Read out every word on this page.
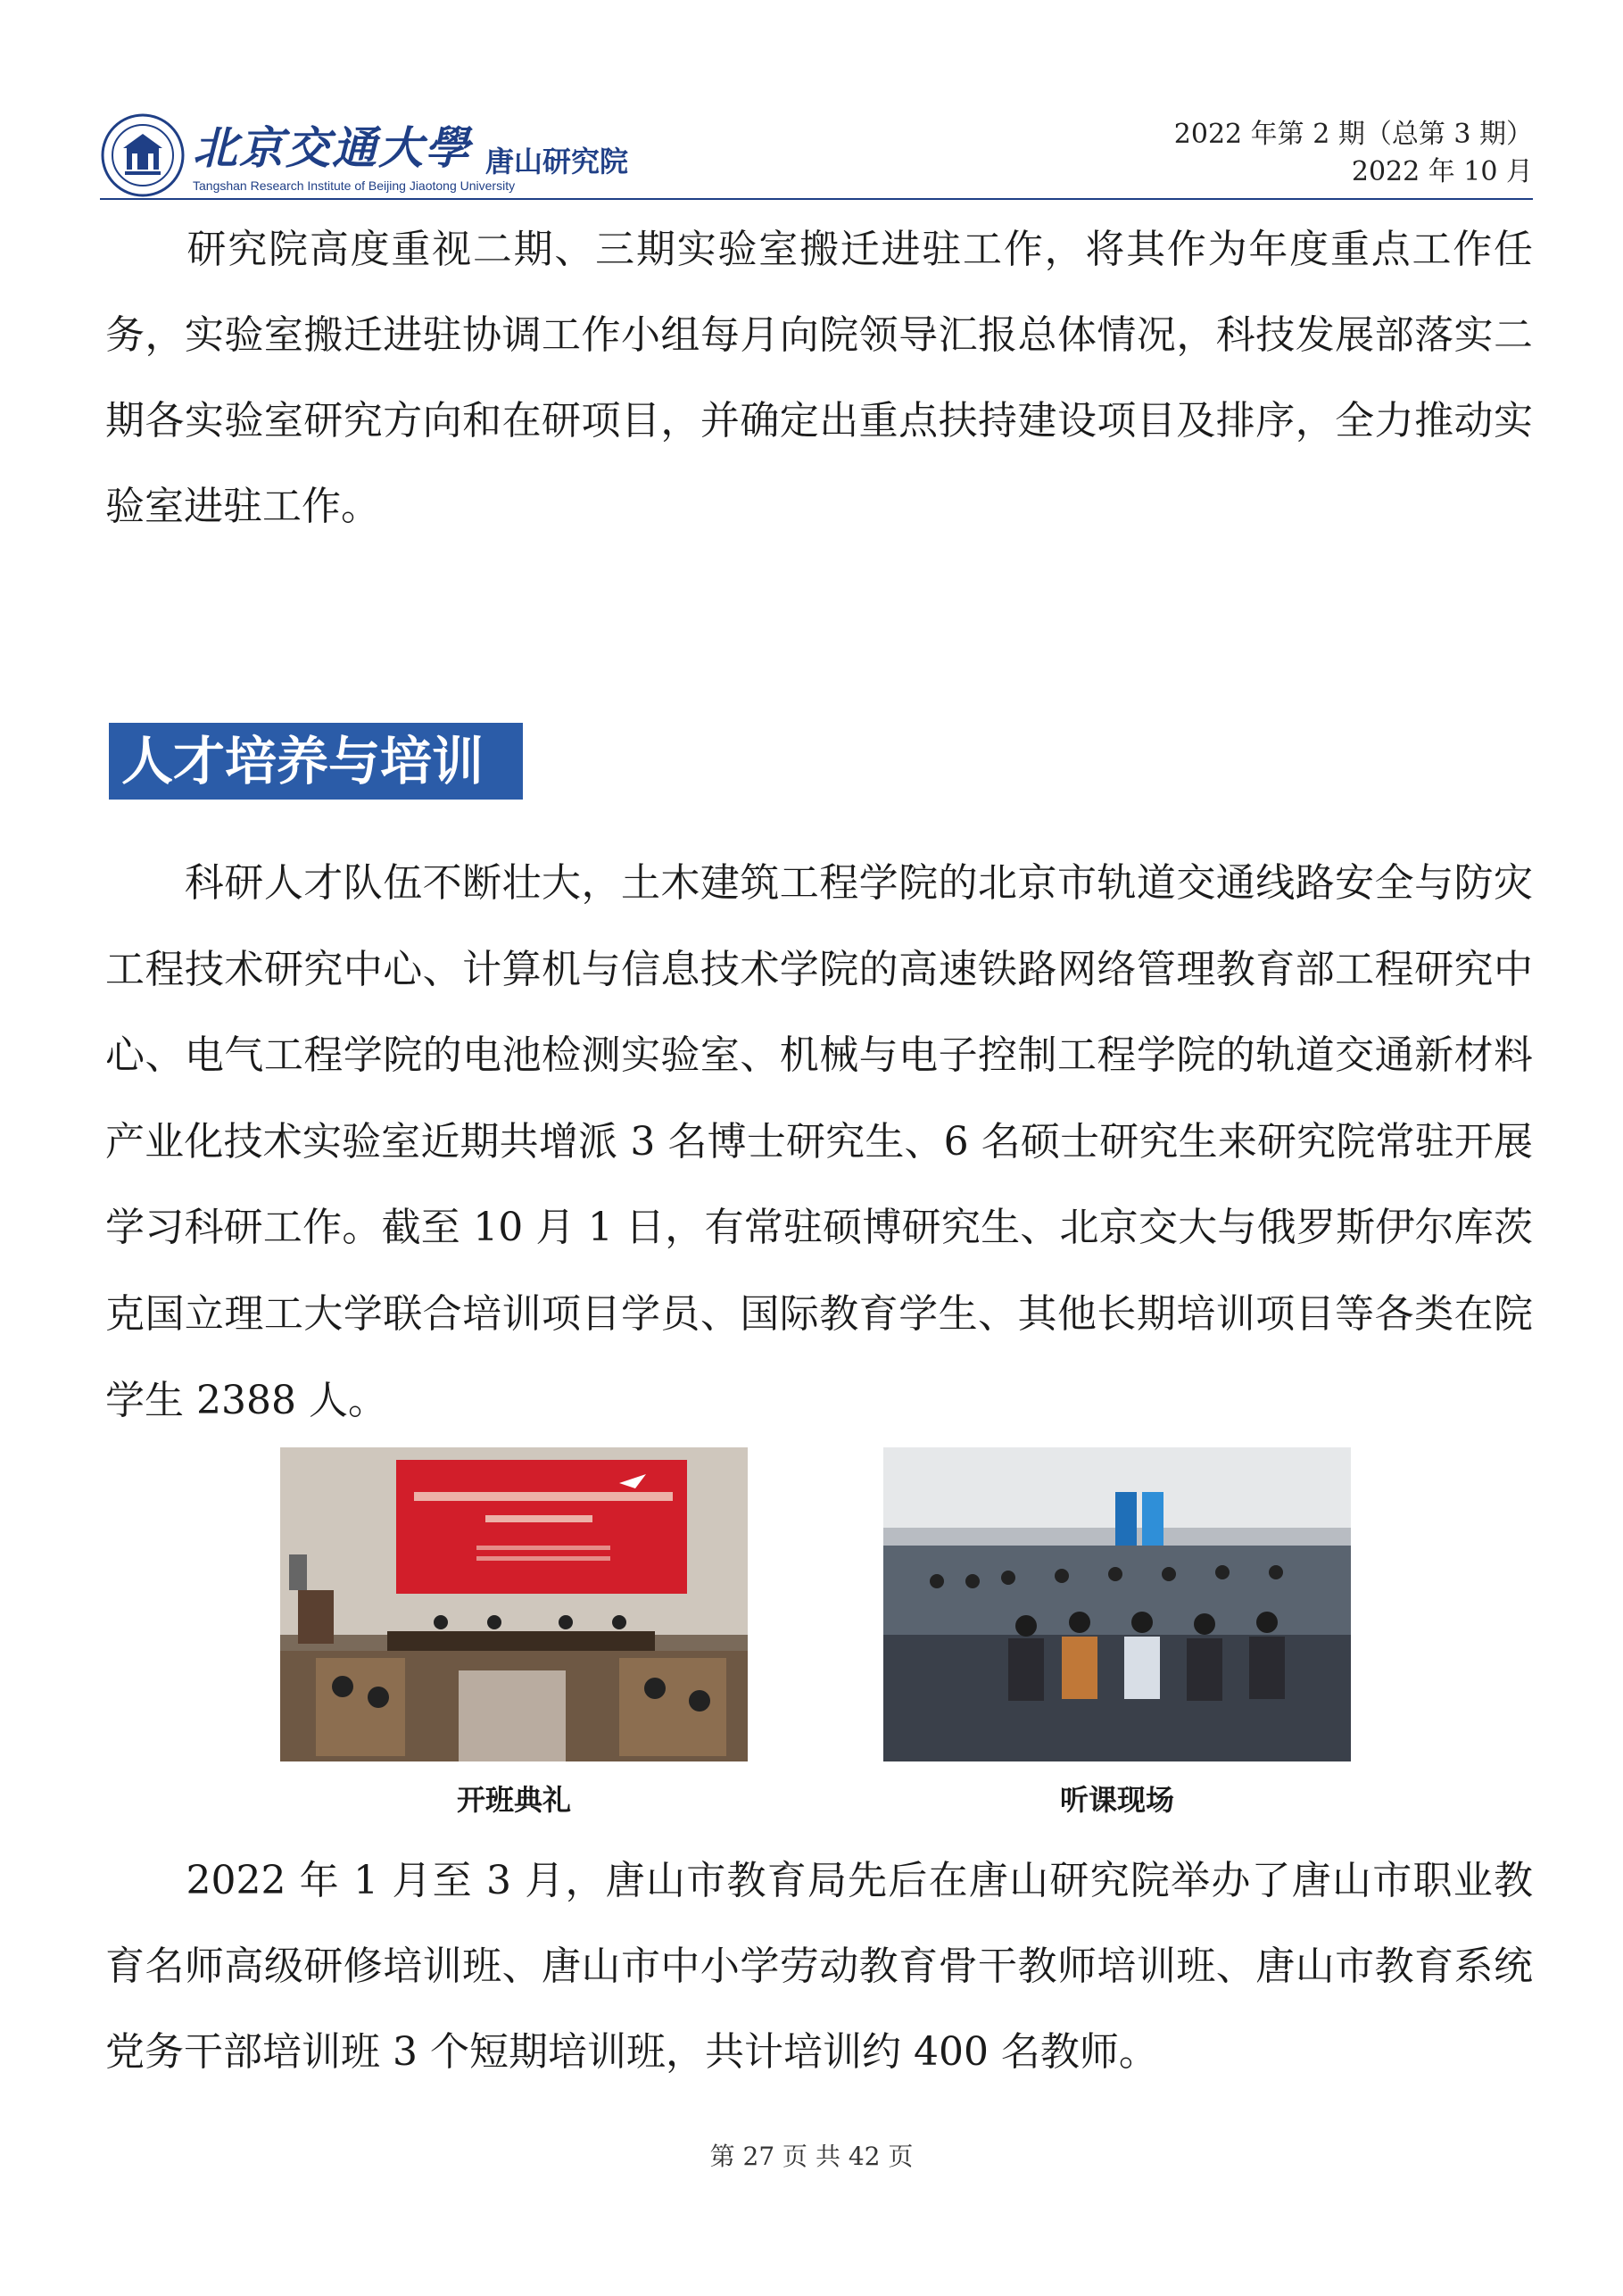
北京交通大學 唐山研究院
Tangshan Research Institute of Beijing Jiaotong University
2022 年第 2 期（总第 3 期）
2022 年 10 月

　　研究院高度重视二期、三期实验室搬迁进驻工作，将其作为年度重点工作任务，实验室搬迁进驻协调工作小组每月向院领导汇报总体情况，科技发展部落实二期各实验室研究方向和在研项目，并确定出重点扶持建设项目及排序，全力推动实验室进驻工作。

人才培养与培训

　　科研人才队伍不断壮大，土木建筑工程学院的北京市轨道交通线路安全与防灾工程技术研究中心、计算机与信息技术学院的高速铁路网络管理教育部工程研究中心、电气工程学院的电池检测实验室、机械与电子控制工程学院的轨道交通新材料产业化技术实验室近期共增派 3 名博士研究生、6 名硕士研究生来研究院常驻开展学习科研工作。截至 10 月 1 日，有常驻硕博研究生、北京交大与俄罗斯伊尔库茨克国立理工大学联合培训项目学员、国际教育学生、其他长期培训项目等各类在院学生 2388 人。

开班典礼	听课现场

　　2022 年 1 月至 3 月，唐山市教育局先后在唐山研究院举办了唐山市职业教育名师高级研修培训班、唐山市中小学劳动教育骨干教师培训班、唐山市教育系统党务干部培训班 3 个短期培训班，共计培训约 400 名教师。

第 27 页 共 42 页
